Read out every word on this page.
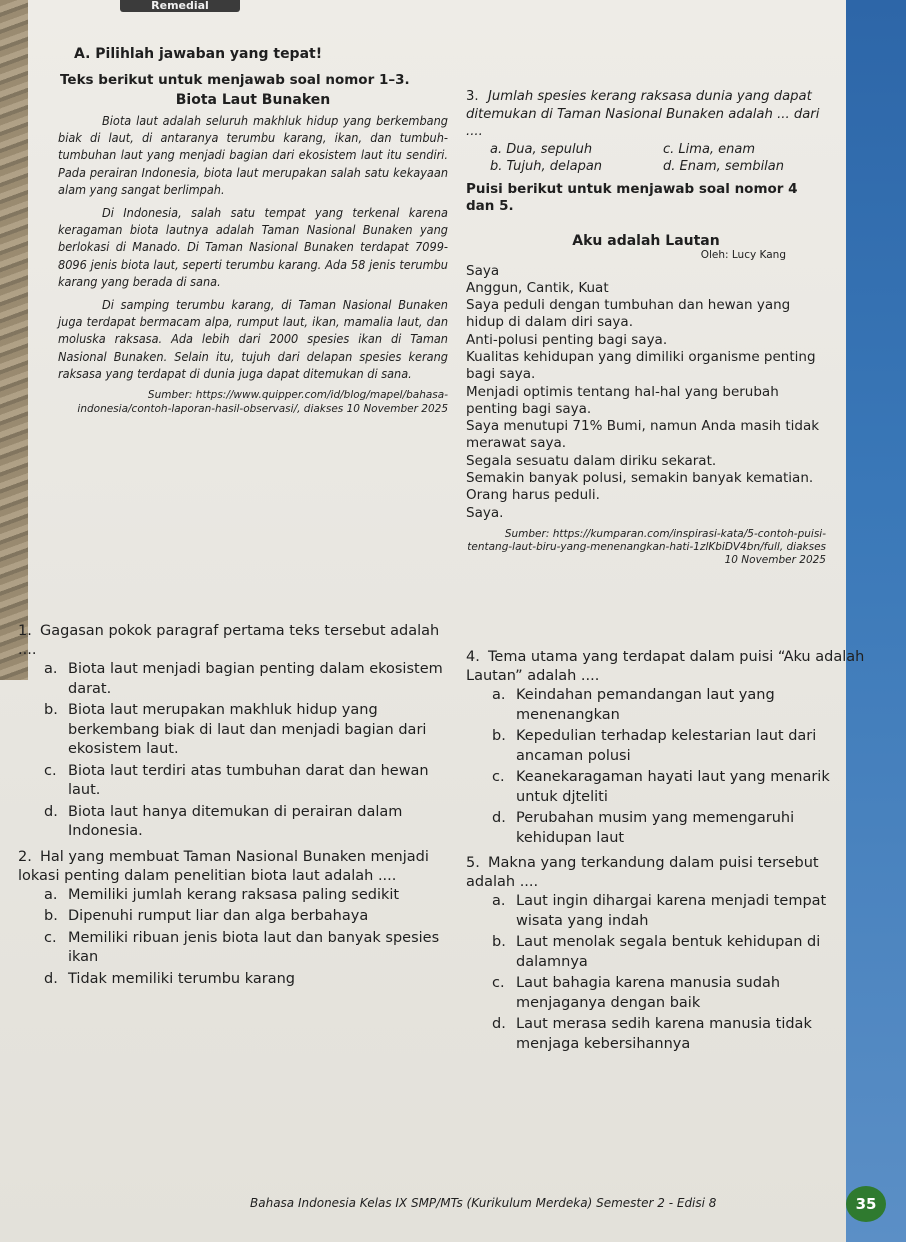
Remedial
A. Pilihlah jawaban yang tepat!
Teks berikut untuk menjawab soal nomor 1–3.
Biota Laut Bunaken

Biota laut adalah seluruh makhluk hidup yang berkembang biak di laut, di antaranya terumbu karang, ikan, dan tumbuh-tumbuhan laut yang menjadi bagian dari ekosistem laut itu sendiri. Pada perairan Indonesia, biota laut merupakan salah satu kekayaan alam yang sangat berlimpah.

Di Indonesia, salah satu tempat yang terkenal karena keragaman biota lautnya adalah Taman Nasional Bunaken yang berlokasi di Manado. Di Taman Nasional Bunaken terdapat 7099-8096 jenis biota laut, seperti terumbu karang. Ada 58 jenis terumbu karang yang berada di sana.

Di samping terumbu karang, di Taman Nasional Bunaken juga terdapat bermacam alpa, rumput laut, ikan, mamalia laut, dan moluska raksasa. Ada lebih dari 2000 spesies ikan di Taman Nasional Bunaken. Selain itu, tujuh dari delapan spesies kerang raksasa yang terdapat di dunia juga dapat ditemukan di sana.

Sumber: https://www.quipper.com/id/blog/mapel/bahasa-indonesia/contoh-laporan-hasil-observasi/, diakses 10 November 2025
3. Jumlah spesies kerang raksasa dunia yang dapat ditemukan di Taman Nasional Bunaken adalah ... dari ....
a. Dua, sepuluh	c. Lima, enam
b. Tujuh, delapan	d. Enam, sembilan
Puisi berikut untuk menjawab soal nomor 4 dan 5.
Aku adalah Lautan
Oleh: Lucy Kang
Saya
Anggun, Cantik, Kuat
Saya peduli dengan tumbuhan dan hewan yang hidup di dalam diri saya.
Anti-polusi penting bagi saya.
Kualitas kehidupan yang dimiliki organisme penting bagi saya.
Menjadi optimis tentang hal-hal yang berubah penting bagi saya.
Saya menutupi 71% Bumi, namun Anda masih tidak merawat saya.
Segala sesuatu dalam diriku sekarat.
Semakin banyak polusi, semakin banyak kematian.
Orang harus peduli.
Saya.
Sumber: https://kumparan.com/inspirasi-kata/5-contoh-puisi-tentang-laut-biru-yang-menenangkan-hati-1zlKbiDV4bn/full, diakses 10 November 2025
1. Gagasan pokok paragraf pertama teks tersebut adalah ....
a. Biota laut menjadi bagian penting dalam ekosistem darat.
b. Biota laut merupakan makhluk hidup yang berkembang biak di laut dan menjadi bagian dari ekosistem laut.
c. Biota laut terdiri atas tumbuhan darat dan hewan laut.
d. Biota laut hanya ditemukan di perairan dalam Indonesia.
2. Hal yang membuat Taman Nasional Bunaken menjadi lokasi penting dalam penelitian biota laut adalah ....
a. Memiliki jumlah kerang raksasa paling sedikit
b. Dipenuhi rumput liar dan alga berbahaya
c. Memiliki ribuan jenis biota laut dan banyak spesies ikan
d. Tidak memiliki terumbu karang
4. Tema utama yang terdapat dalam puisi “Aku adalah Lautan” adalah ....
a. Keindahan pemandangan laut yang menenangkan
b. Kepedulian terhadap kelestarian laut dari ancaman polusi
c. Keanekaragaman hayati laut yang menarik untuk djteliti
d. Perubahan musim yang memengaruhi kehidupan laut
5. Makna yang terkandung dalam puisi tersebut adalah ....
a. Laut ingin dihargai karena menjadi tempat wisata yang indah
b. Laut menolak segala bentuk kehidupan di dalamnya
c. Laut bahagia karena manusia sudah menjaganya dengan baik
d. Laut merasa sedih karena manusia tidak menjaga kebersihannya
Bahasa Indonesia Kelas IX SMP/MTs (Kurikulum Merdeka) Semester 2 - Edisi 8	35
